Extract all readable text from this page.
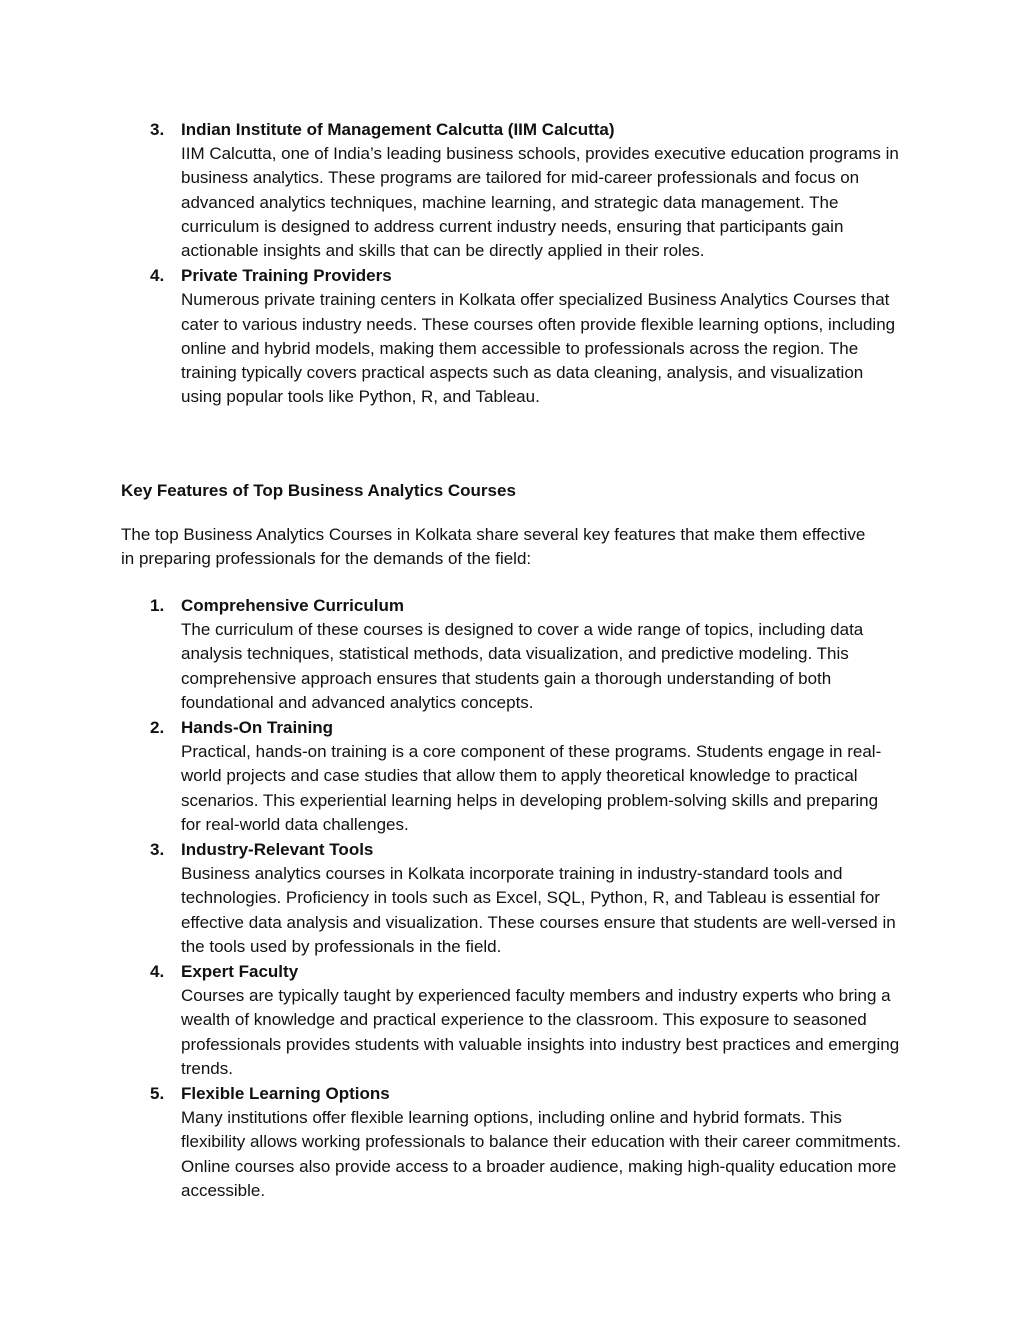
3. Indian Institute of Management Calcutta (IIM Calcutta)
IIM Calcutta, one of India’s leading business schools, provides executive education programs in business analytics. These programs are tailored for mid-career professionals and focus on advanced analytics techniques, machine learning, and strategic data management. The curriculum is designed to address current industry needs, ensuring that participants gain actionable insights and skills that can be directly applied in their roles.
4. Private Training Providers
Numerous private training centers in Kolkata offer specialized Business Analytics Courses that cater to various industry needs. These courses often provide flexible learning options, including online and hybrid models, making them accessible to professionals across the region. The training typically covers practical aspects such as data cleaning, analysis, and visualization using popular tools like Python, R, and Tableau.
Key Features of Top Business Analytics Courses

The top Business Analytics Courses in Kolkata share several key features that make them effective in preparing professionals for the demands of the field:

1. Comprehensive Curriculum
The curriculum of these courses is designed to cover a wide range of topics, including data analysis techniques, statistical methods, data visualization, and predictive modeling. This comprehensive approach ensures that students gain a thorough understanding of both foundational and advanced analytics concepts.
2. Hands-On Training
Practical, hands-on training is a core component of these programs. Students engage in real-world projects and case studies that allow them to apply theoretical knowledge to practical scenarios. This experiential learning helps in developing problem-solving skills and preparing for real-world data challenges.
3. Industry-Relevant Tools
Business analytics courses in Kolkata incorporate training in industry-standard tools and technologies. Proficiency in tools such as Excel, SQL, Python, R, and Tableau is essential for effective data analysis and visualization. These courses ensure that students are well-versed in the tools used by professionals in the field.
4. Expert Faculty
Courses are typically taught by experienced faculty members and industry experts who bring a wealth of knowledge and practical experience to the classroom. This exposure to seasoned professionals provides students with valuable insights into industry best practices and emerging trends.
5. Flexible Learning Options
Many institutions offer flexible learning options, including online and hybrid formats. This flexibility allows working professionals to balance their education with their career commitments. Online courses also provide access to a broader audience, making high-quality education more accessible.
